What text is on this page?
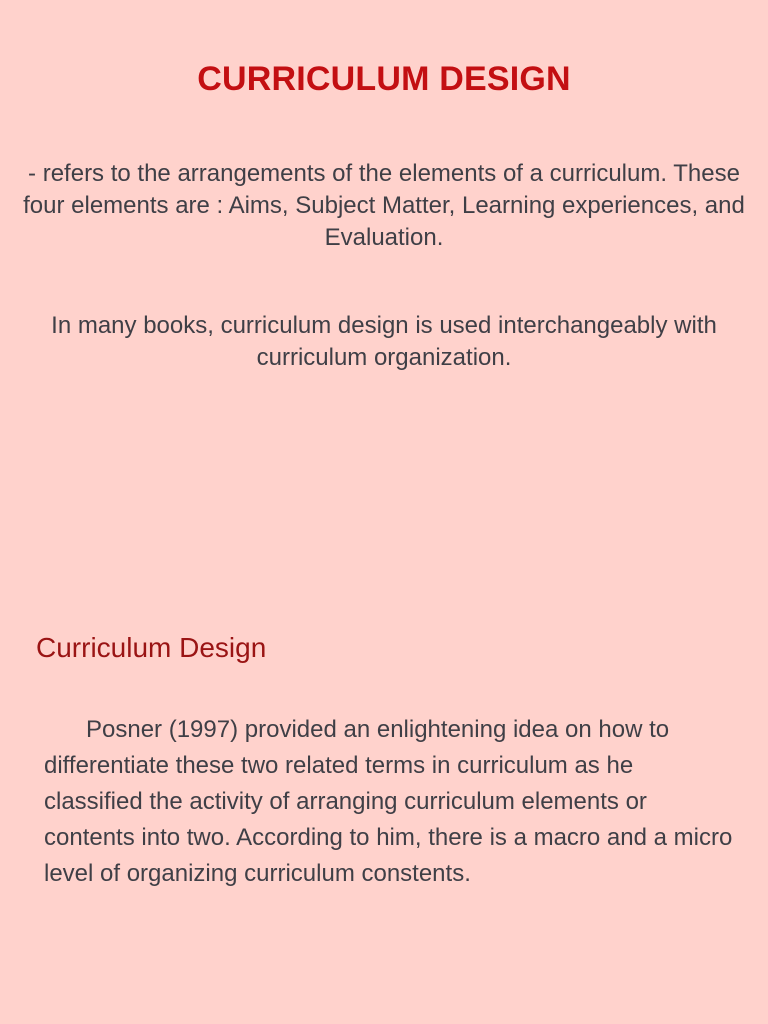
CURRICULUM DESIGN

- refers to the arrangements of the elements of a curriculum. These four elements are : Aims, Subject Matter, Learning experiences, and Evaluation.

In many books, curriculum design is used interchangeably with curriculum organization.

Curriculum Design

Posner (1997) provided an enlightening idea on how to differentiate these two related terms in curriculum as he classified the activity of arranging curriculum elements or contents into two. According to him, there is a macro and a micro level of organizing curriculum constents.
